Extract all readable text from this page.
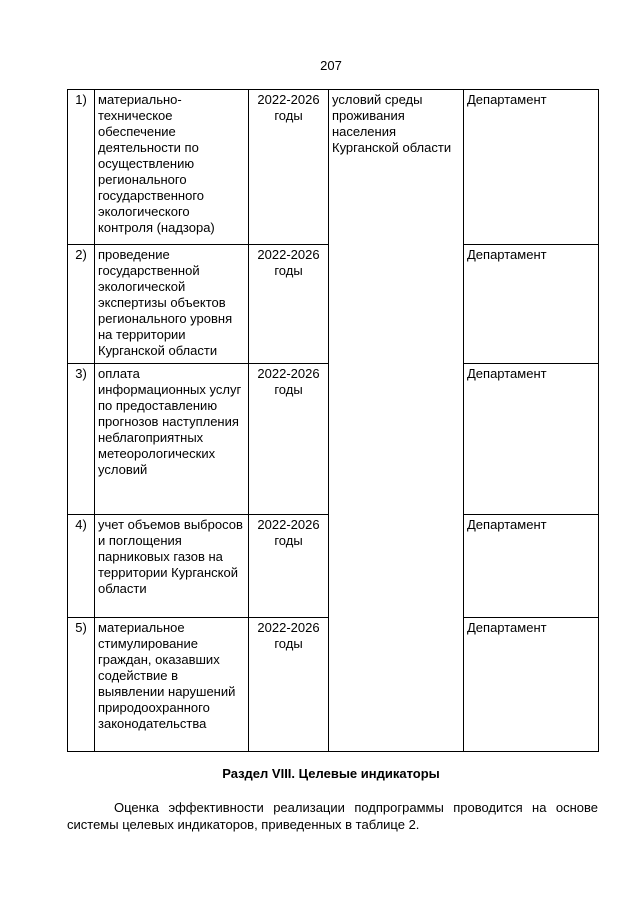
207
1)	материально-техническое обеспечение деятельности по осуществлению регионального государственного экологического контроля (надзора)	2022-2026 годы	условий среды проживания населения Курганской области	Департамент
2)	проведение государственной экологической экспертизы объектов регионального уровня на территории Курганской области	2022-2026 годы		Департамент
3)	оплата информационных услуг по предоставлению прогнозов наступления неблагоприятных метеорологических условий	2022-2026 годы		Департамент
4)	учет объемов выбросов и поглощения парниковых газов на территории Курганской области	2022-2026 годы		Департамент
5)	материальное стимулирование граждан, оказавших содействие в выявлении нарушений природоохранного законодательства	2022-2026 годы		Департамент
Раздел VIII. Целевые индикаторы
Оценка эффективности реализации подпрограммы проводится на основе системы целевых индикаторов, приведенных в таблице 2.
